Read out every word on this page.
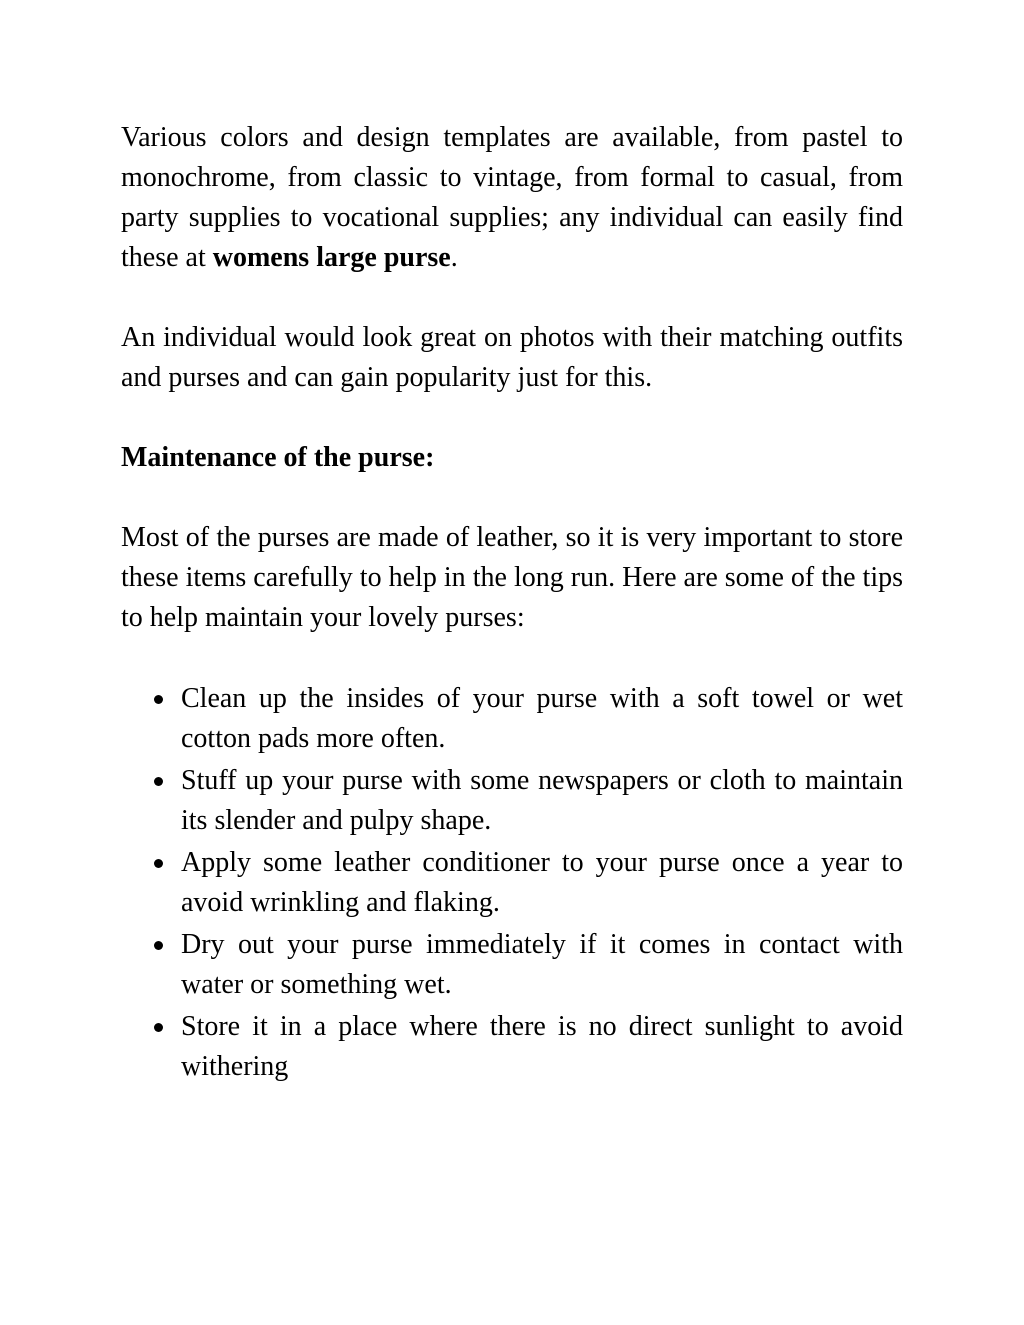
Various colors and design templates are available, from pastel to monochrome, from classic to vintage, from formal to casual, from party supplies to vocational supplies; any individual can easily find these at womens large purse.

An individual would look great on photos with their matching outfits and purses and can gain popularity just for this.

Maintenance of the purse:

Most of the purses are made of leather, so it is very important to store these items carefully to help in the long run. Here are some of the tips to help maintain your lovely purses:

Clean up the insides of your purse with a soft towel or wet cotton pads more often.
Stuff up your purse with some newspapers or cloth to maintain its slender and pulpy shape.
Apply some leather conditioner to your purse once a year to avoid wrinkling and flaking.
Dry out your purse immediately if it comes in contact with water or something wet.
Store it in a place where there is no direct sunlight to avoid withering
